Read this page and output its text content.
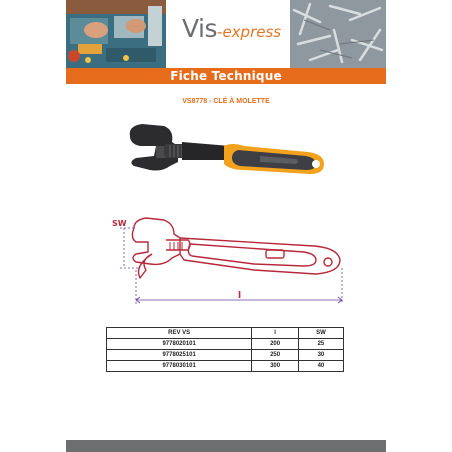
Vis-express
Fiche Technique
VS8778 - CLÉ À MOLETTE
SW
l
REV VS	l	SW
9778020101	200	25
9778025101	250	30
9778030101	300	40
